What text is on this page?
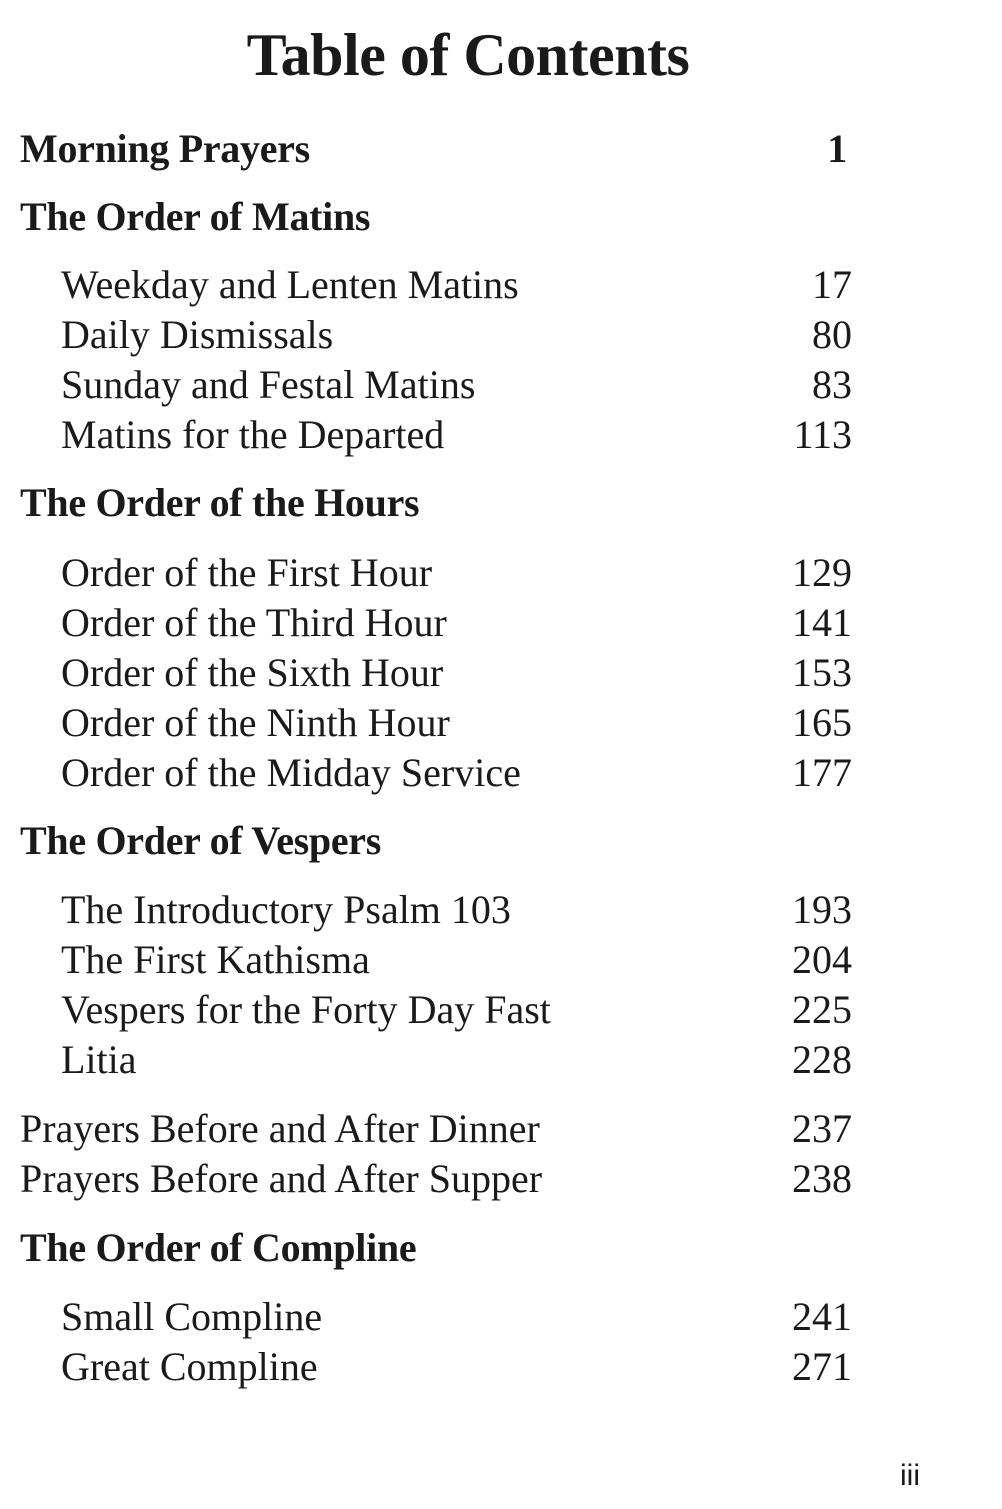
Table of Contents
Morning Prayers	1
The Order of Matins
Weekday and Lenten Matins	17
Daily Dismissals	80
Sunday and Festal Matins	83
Matins for the Departed	113
The Order of the Hours
Order of the First Hour	129
Order of the Third Hour	141
Order of the Sixth Hour	153
Order of the Ninth Hour	165
Order of the Midday Service	177
The Order of Vespers
The Introductory Psalm 103	193
The First Kathisma	204
Vespers for the Forty Day Fast	225
Litia	228
Prayers Before and After Dinner	237
Prayers Before and After Supper	238
The Order of Compline
Small Compline	241
Great Compline	271
iii
